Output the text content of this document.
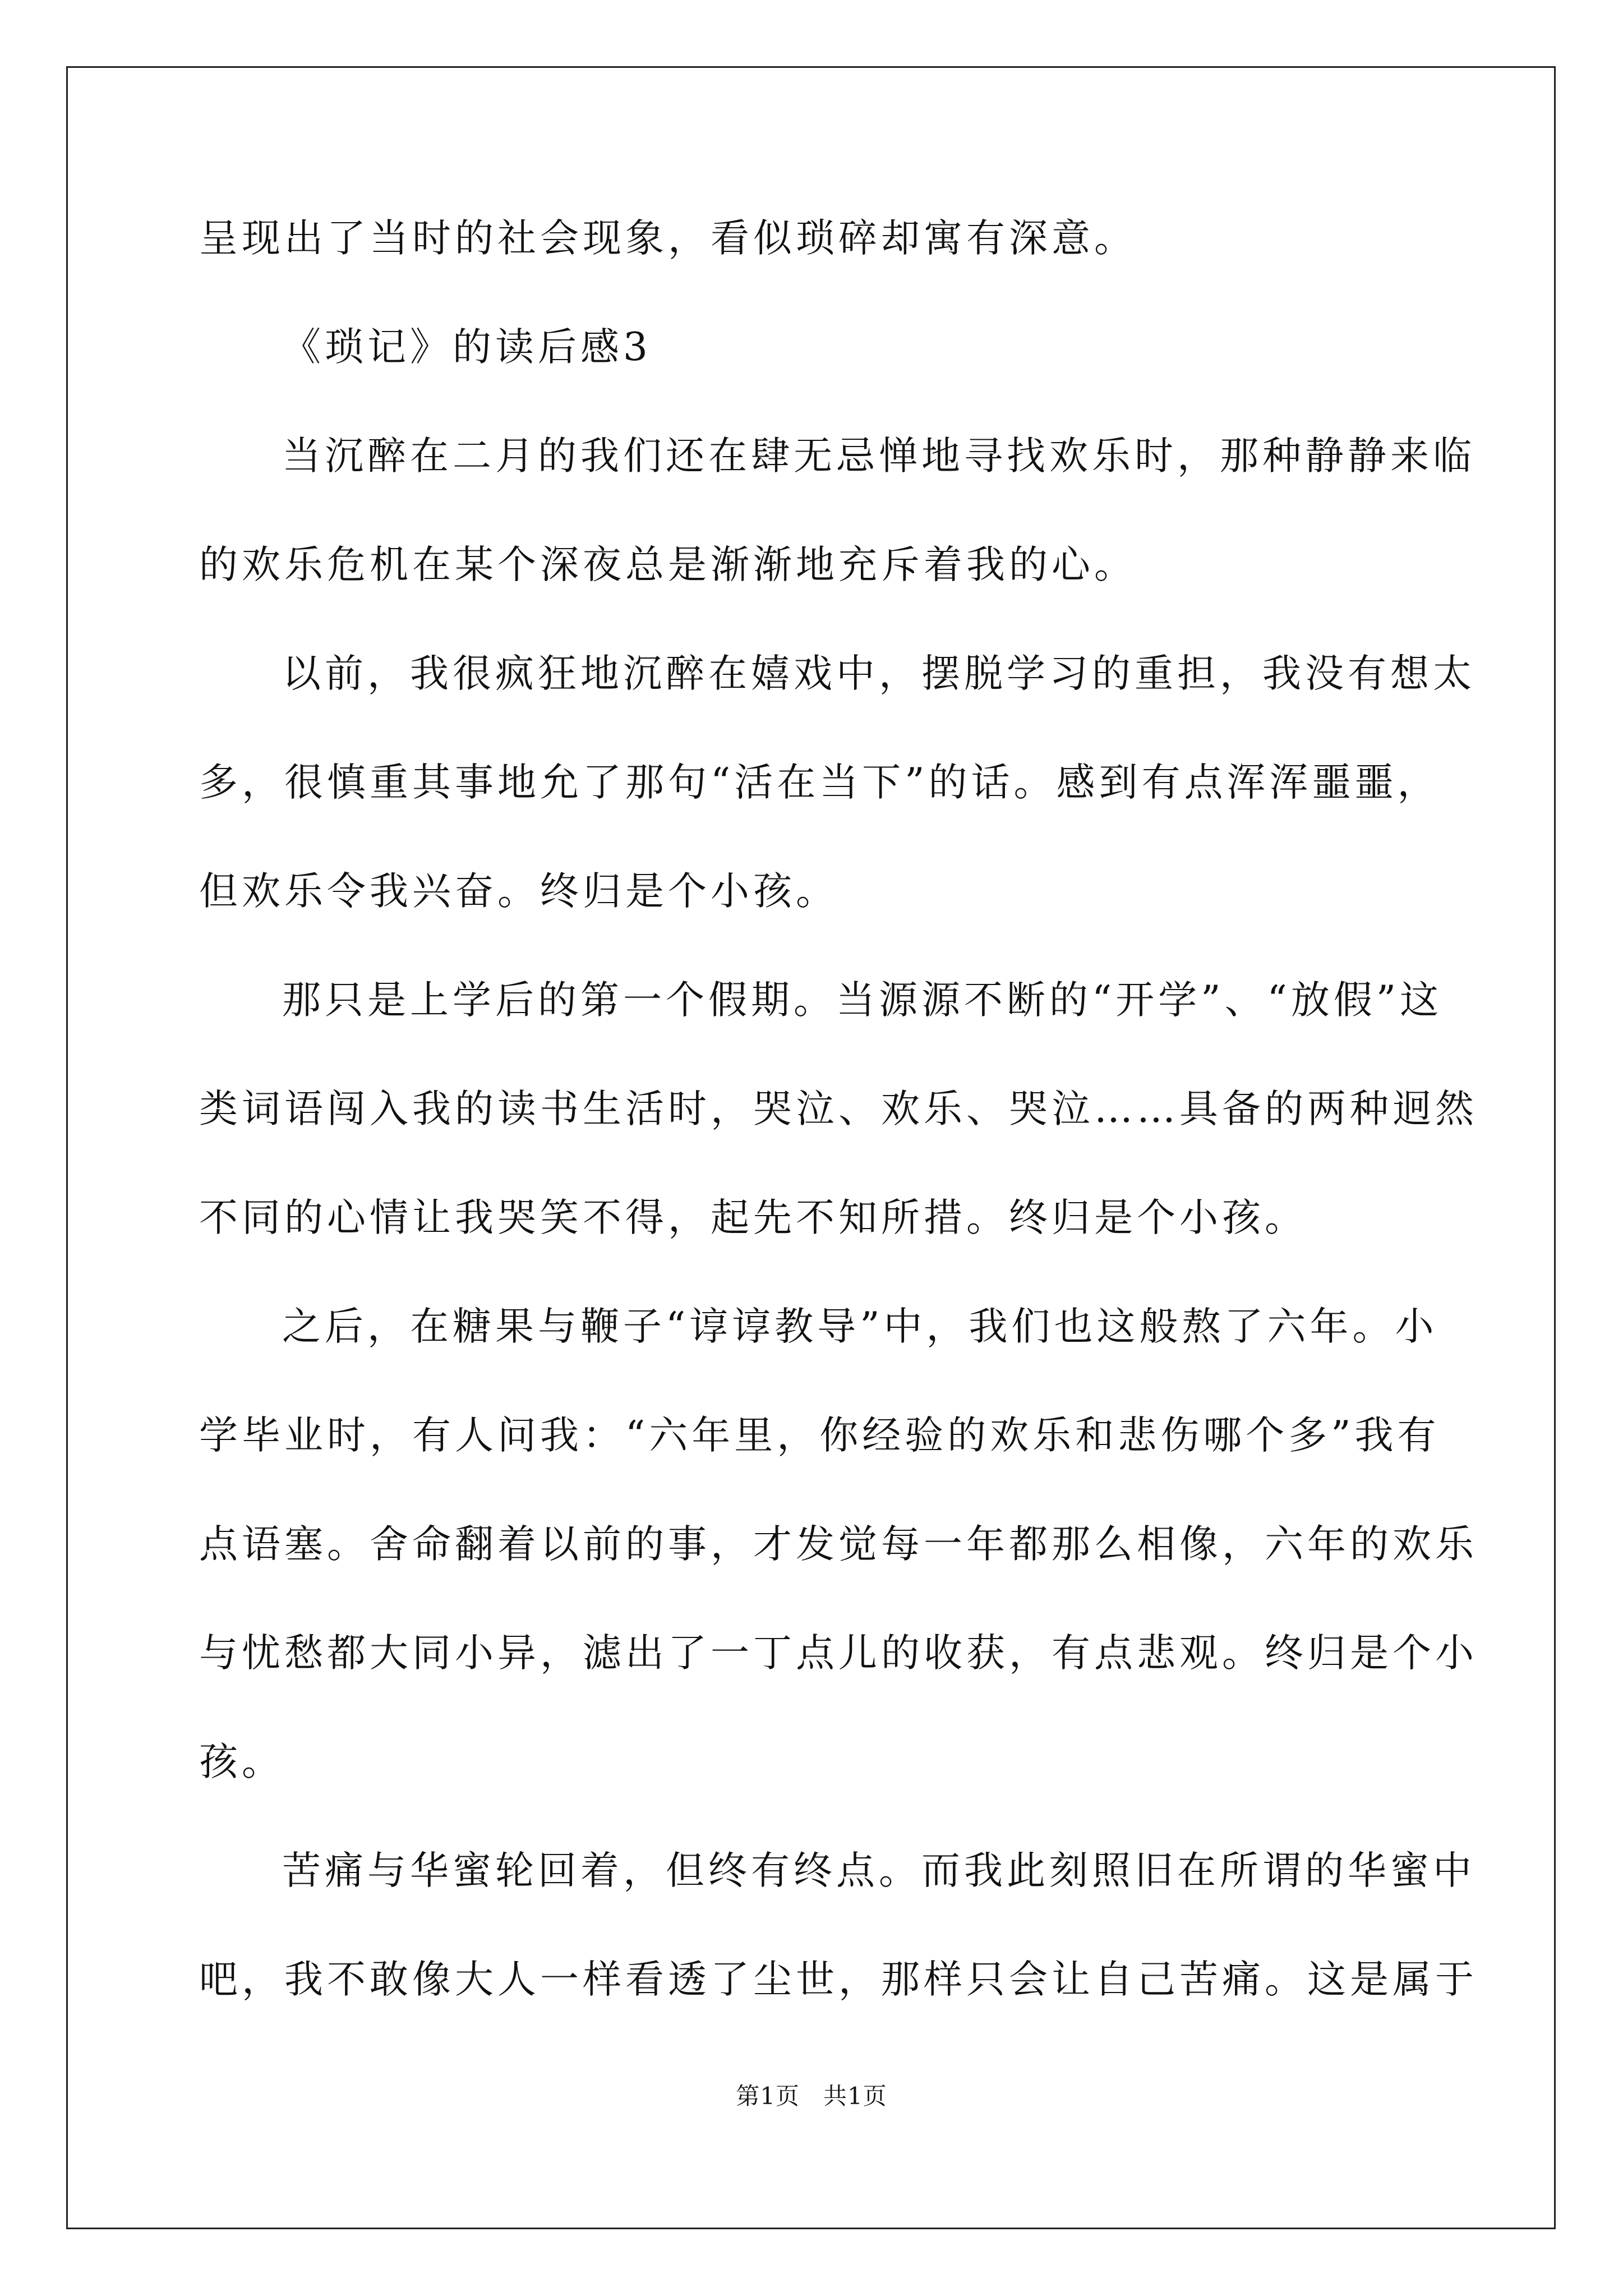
呈现出了当时的社会现象，看似琐碎却寓有深意。
《琐记》的读后感3
当沉醉在二月的我们还在肆无忌惮地寻找欢乐时，那种静静来临
的欢乐危机在某个深夜总是渐渐地充斥着我的心。
以前，我很疯狂地沉醉在嬉戏中，摆脱学习的重担，我没有想太
多，很慎重其事地允了那句“活在当下”的话。感到有点浑浑噩噩，
但欢乐令我兴奋。终归是个小孩。
那只是上学后的第一个假期。当源源不断的“开学”、“放假”这
类词语闯入我的读书生活时，哭泣、欢乐、哭泣……具备的两种迥然
不同的心情让我哭笑不得，起先不知所措。终归是个小孩。
之后，在糖果与鞭子“谆谆教导”中，我们也这般熬了六年。小
学毕业时，有人问我：“六年里，你经验的欢乐和悲伤哪个多”我有
点语塞。舍命翻着以前的事，才发觉每一年都那么相像，六年的欢乐
与忧愁都大同小异，滤出了一丁点儿的收获，有点悲观。终归是个小
孩。
苦痛与华蜜轮回着，但终有终点。而我此刻照旧在所谓的华蜜中
吧，我不敢像大人一样看透了尘世，那样只会让自己苦痛。这是属于
第1页 共1页
